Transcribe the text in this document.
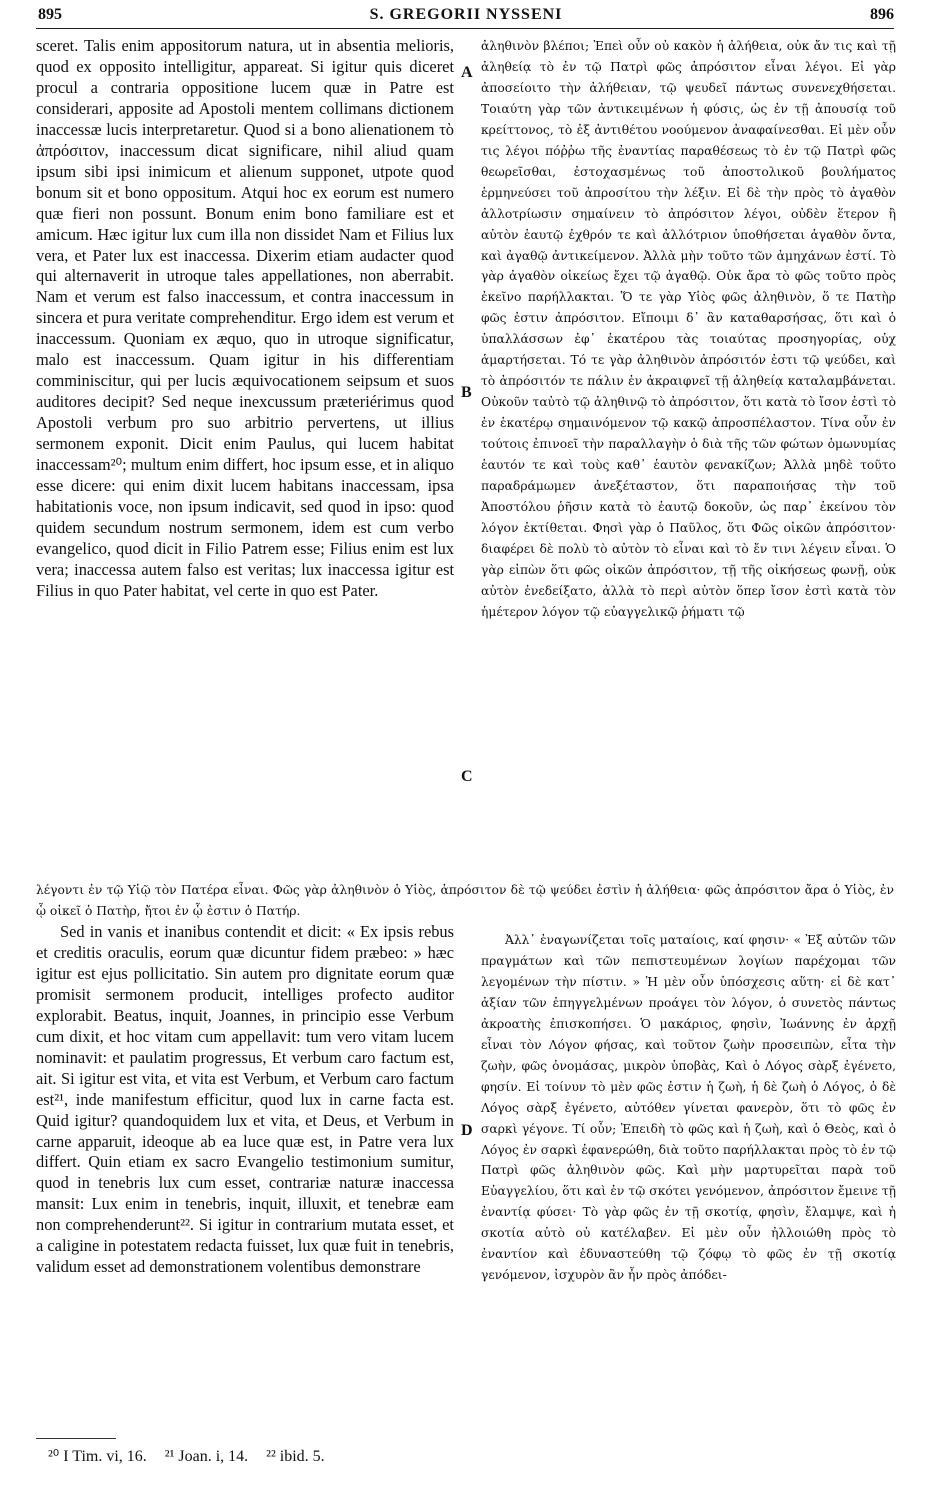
895	S. GREGORII NYSSENI	896

sceret. Talis enim appositorum natura, ut in absentia melioris, quod ex opposito intelligitur, appareat. Si igitur quis diceret procul a contraria oppositione lucem quæ in Patre est considerari, apposite ad Apostoli mentem collimans dictionem inaccessæ lucis interpretaretur. Quod si a bono alienationem τὸ ἀπρόσιτον, inaccessum dicat significare, nihil aliud quam ipsum sibi ipsi inimicum et alienum supponet, utpote quod bonum sit et bono oppositum. Atqui hoc ex eorum est numero quæ fieri non possunt. Bonum enim bono familiare est et amicum. Hæc igitur lux cum illa non dissidet Nam et Filius lux vera, et Pater lux est inaccessa. Dixerim etiam audacter quod qui alternaverit in utroque tales appellationes, non aberrabit. Nam et verum est falso inaccessum, et contra inaccessum in sincera et pura veritate comprehenditur. Ergo idem est verum et inaccessum. Quoniam ex æquo, quo in utroque significatur, malo est inaccessum. Quam igitur in his differentiam comminiscitur, qui per lucis æquivocationem seipsum et suos auditores decipit? Sed neque inexcussum præteriérimus quod Apostoli verbum pro suo arbitrio pervertens, ut illius sermonem exponit. Dicit enim Paulus, qui lucem habitat inaccessam²⁰; multum enim differt, hoc ipsum esse, et in aliquo esse dicere: qui enim dixit lucem habitans inaccessam, ipsa habitationis voce, non ipsum indicavit, sed quod in ipso: quod quidem secundum nostrum sermonem, idem est cum verbo evangelico, quod dicit in Filio Patrem esse; Filius enim est lux vera; inaccessa autem falso est veritas; lux inaccessa igitur est Filius in quo Pater habitat, vel certe in quo est Pater.

ἀληθινὸν βλέποι; Ἐπεὶ οὖν οὐ κακὸν ἡ ἀλήθεια, οὐκ ἄν τις καὶ τῇ ἀληθείᾳ τὸ ἐν τῷ Πατρὶ φῶς ἀπρόσιτον εἶναι λέγοι. Εἰ γὰρ ἀποσείοιτο τὴν ἀλήθειαν, τῷ ψευδεῖ πάντως συνενεχθήσεται. Τοιαύτη γὰρ τῶν ἀντικειμένων ἡ φύσις, ὡς ἐν τῇ ἀπουσίᾳ τοῦ κρείττονος, τὸ ἐξ ἀντιθέτου νοούμενον ἀναφαίνεσθαι. Εἰ μὲν οὖν τις λέγοι πόῤῥω τῆς ἐναντίας παραθέσεως τὸ ἐν τῷ Πατρὶ φῶς θεωρεῖσθαι, ἐστοχασμένως τοῦ ἀποστολικοῦ βουλήματος ἑρμηνεύσει τοῦ ἀπροσίτου τὴν λέξιν. Εἰ δὲ τὴν πρὸς τὸ ἀγαθὸν ἀλλοτρίωσιν σημαίνειν τὸ ἀπρόσιτον λέγοι, οὐδὲν ἕτερον ἢ αὐτὸν ἑαυτῷ ἐχθρόν τε καὶ ἀλλότριον ὑποθήσεται ἀγαθὸν ὄντα, καὶ ἀγαθῷ ἀντικείμενον. Ἀλλὰ μὴν τοῦτο τῶν ἀμηχάνων ἐστί. Τὸ γὰρ ἀγαθὸν οἰκείως ἔχει τῷ ἀγαθῷ. Οὐκ ἄρα τὸ φῶς τοῦτο πρὸς ἐκεῖνο παρήλλακται. Ὅ τε γὰρ Υἱὸς φῶς ἀληθινὸν, ὅ τε Πατὴρ φῶς ἐστιν ἀπρόσιτον. Εἴποιμι δ᾽ ἂν καταθαρσήσας, ὅτι καὶ ὁ ὑπαλλάσσων ἐφ᾽ ἑκατέρου τὰς τοιαύτας προσηγορίας, οὐχ ἁμαρτήσεται. Τό τε γὰρ ἀληθινὸν ἀπρόσιτόν ἐστι τῷ ψεύδει, καὶ τὸ ἀπρόσιτόν τε πάλιν ἐν ἀκραιφνεῖ τῇ ἀληθείᾳ καταλαμβάνεται. Οὐκοῦν ταὐτὸ τῷ ἀληθινῷ τὸ ἀπρόσιτον, ὅτι κατὰ τὸ ἴσον ἐστὶ τὸ ἐν ἑκατέρῳ σημαινόμενον τῷ κακῷ ἀπροσπέλαστον. Τίνα οὖν ἐν τούτοις ἐπινοεῖ τὴν παραλλαγὴν ὁ διὰ τῆς τῶν φώτων ὁμωνυμίας ἑαυτόν τε καὶ τοὺς καθ᾽ ἑαυτὸν φενακίζων; Ἀλλὰ μηδὲ τοῦτο παραδράμωμεν ἀνεξέταστον, ὅτι παραποιήσας τὴν τοῦ Ἀποστόλου ῥῆσιν κατὰ τὸ ἑαυτῷ δοκοῦν, ὡς παρ᾽ ἐκείνου τὸν λόγον ἐκτίθεται. Φησὶ γὰρ ὁ Παῦλος, ὅτι Φῶς οἰκῶν ἀπρόσιτον· διαφέρει δὲ πολὺ τὸ αὐτὸν τὸ εἶναι καὶ τὸ ἔν τινι λέγειν εἶναι. Ὁ γὰρ εἰπὼν ὅτι φῶς οἰκῶν ἀπρόσιτον, τῇ τῆς οἰκήσεως φωνῇ, οὐκ αὐτὸν ἐνεδείξατο, ἀλλὰ τὸ περὶ αὐτὸν ὅπερ ἴσον ἐστὶ κατὰ τὸν ἡμέτερον λόγον τῷ εὐαγγελικῷ ῥήματι τῷ

A
B
C
D

λέγοντι ἐν τῷ Υἱῷ τὸν Πατέρα εἶναι. Φῶς γὰρ ἀληθινὸν ὁ Υἱὸς, ἀπρόσιτον δὲ τῷ ψεύδει ἐστὶν ἡ ἀλήθεια· φῶς ἀπρόσιτον ἄρα ὁ Υἱὸς, ἐν ᾧ οἰκεῖ ὁ Πατὴρ, ἤτοι ἐν ᾧ ἐστιν ὁ Πατήρ.

Sed in vanis et inanibus contendit et dicit: « Ex ipsis rebus et creditis oraculis, eorum quæ dicuntur fidem præbeo: » hæc igitur est ejus pollicitatio. Sin autem pro dignitate eorum quæ promisit sermonem producit, intelliges profecto auditor explorabit. Beatus, inquit, Joannes, in principio esse Verbum cum dixit, et hoc vitam cum appellavit: tum vero vitam lucem nominavit: et paulatim progressus, Et verbum caro factum est, ait. Si igitur est vita, et vita est Verbum, et Verbum caro factum est²¹, inde manifestum efficitur, quod lux in carne facta est. Quid igitur? quandoquidem lux et vita, et Deus, et Verbum in carne apparuit, ideoque ab ea luce quæ est, in Patre vera lux differt. Quin etiam ex sacro Evangelio testimonium sumitur, quod in tenebris lux cum esset, contrariæ naturæ inaccessa mansit: Lux enim in tenebris, inquit, illuxit, et tenebræ eam non comprehenderunt²². Si igitur in contrarium mutata esset, et a caligine in potestatem redacta fuisset, lux quæ fuit in tenebris, validum esset ad demonstrationem volentibus demonstrare

Ἀλλ᾽ ἐναγωνίζεται τοῖς ματαίοις, καί φησιν· « Ἐξ αὐτῶν τῶν πραγμάτων καὶ τῶν πεπιστευμένων λογίων παρέχομαι τῶν λεγομένων τὴν πίστιν. » Ἡ μὲν οὖν ὑπόσχεσις αὕτη· εἰ δὲ κατ᾽ ἀξίαν τῶν ἐπηγγελμένων προάγει τὸν λόγον, ὁ συνετὸς πάντως ἀκροατὴς ἐπισκοπήσει. Ὁ μακάριος, φησὶν, Ἰωάννης ἐν ἀρχῇ εἶναι τὸν Λόγον φήσας, καὶ τοῦτον ζωὴν προσειπὼν, εἶτα τὴν ζωὴν, φῶς ὀνομάσας, μικρὸν ὑποβὰς, Καὶ ὁ Λόγος σὰρξ ἐγένετο, φησίν. Εἰ τοίνυν τὸ μὲν φῶς ἐστιν ἡ ζωὴ, ἡ δὲ ζωὴ ὁ Λόγος, ὁ δὲ Λόγος σὰρξ ἐγένετο, αὐτόθεν γίνεται φανερὸν, ὅτι τὸ φῶς ἐν σαρκὶ γέγονε. Τί οὖν; Ἐπειδὴ τὸ φῶς καὶ ἡ ζωὴ, καὶ ὁ Θεὸς, καὶ ὁ Λόγος ἐν σαρκὶ ἐφανερώθη, διὰ τοῦτο παρήλλακται πρὸς τὸ ἐν τῷ Πατρὶ φῶς ἀληθινὸν φῶς. Καὶ μὴν μαρτυρεῖται παρὰ τοῦ Εὐαγγελίου, ὅτι καὶ ἐν τῷ σκότει γενόμενον, ἀπρόσιτον ἔμεινε τῇ ἐναντίᾳ φύσει· Τὸ γὰρ φῶς ἐν τῇ σκοτίᾳ, φησὶν, ἔλαμψε, καὶ ἡ σκοτία αὐτὸ οὐ κατέλαβεν. Εἰ μὲν οὖν ἠλλοιώθη πρὸς τὸ ἐναντίον καὶ ἐδυναστεύθη τῷ ζόφῳ τὸ φῶς ἐν τῇ σκοτίᾳ γενόμενον, ἰσχυρὸν ἂν ἦν πρὸς ἀπόδει-

²⁰ I Tim. vi, 16. ²¹ Joan. i, 14. ²² ibid. 5.
